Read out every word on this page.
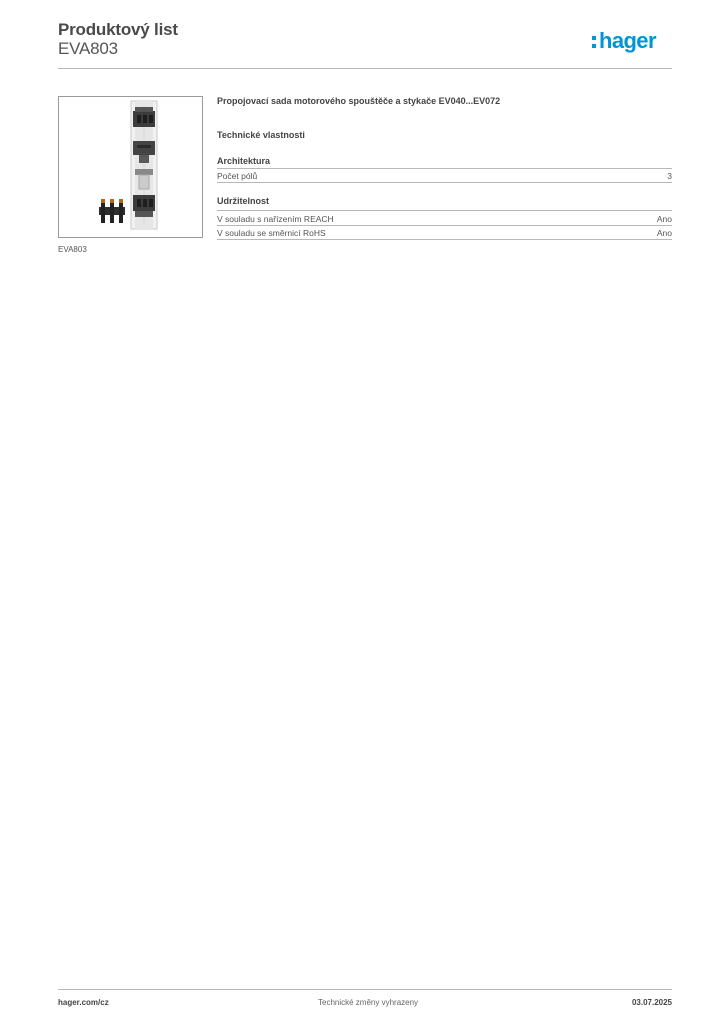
Produktový list
EVA803	hager
EVA803
Propojovací sada motorového spouštěče a stykače EV040...EV072
Technické vlastnosti
Architektura
Počet pólů	3
Udržitelnost
V souladu s nařízením REACH	Ano
V souladu se směrnicí RoHS	Ano
hager.com/cz	Technické změny vyhrazeny	03.07.2025
